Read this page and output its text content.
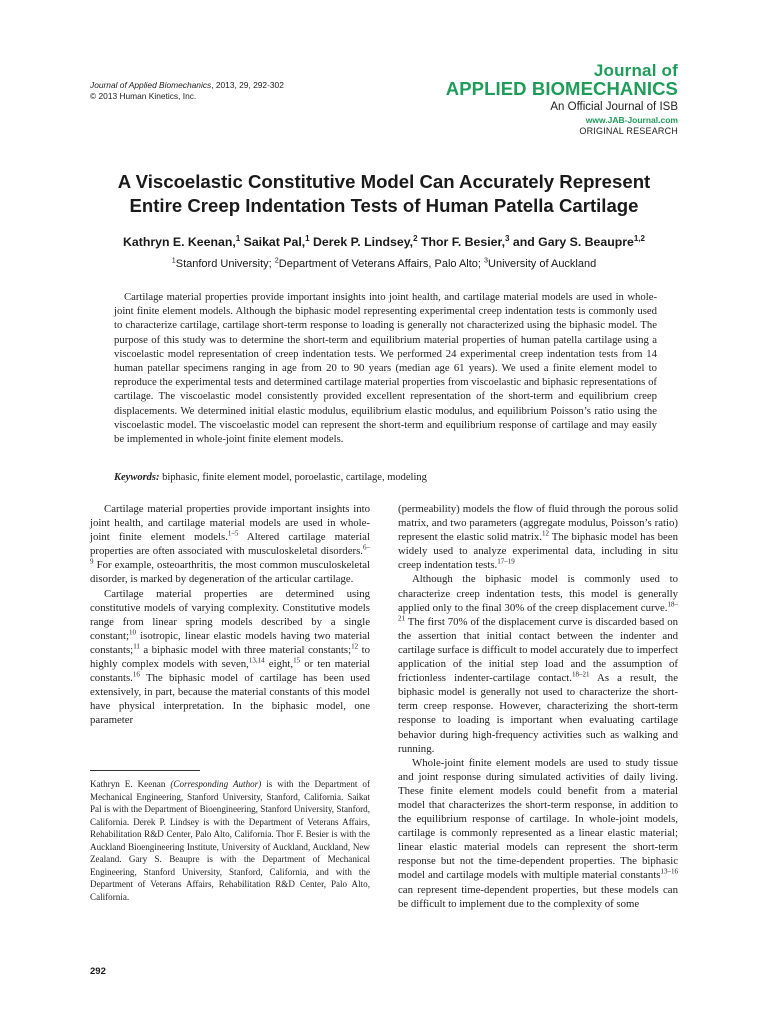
Journal of Applied Biomechanics, 2013, 29, 292-302
© 2013 Human Kinetics, Inc.
Journal of
APPLIED BIOMECHANICS
An Official Journal of ISB
www.JAB-Journal.com
ORIGINAL RESEARCH
A Viscoelastic Constitutive Model Can Accurately Represent
Entire Creep Indentation Tests of Human Patella Cartilage
Kathryn E. Keenan,$^1$ Saikat Pal,$^1$ Derek P. Lindsey,$^2$ Thor F. Besier,$^3$ and Gary S. Beaupre$^{1,2}$
$^1$Stanford University; $^2$Department of Veterans Affairs, Palo Alto; $^3$University of Auckland
Cartilage material properties provide important insights into joint health, and cartilage material models are used in whole-joint finite element models. Although the biphasic model representing experimental creep indentation tests is commonly used to characterize cartilage, cartilage short-term response to loading is generally not characterized using the biphasic model. The purpose of this study was to determine the short-term and equilibrium material properties of human patella cartilage using a viscoelastic model representation of creep indentation tests. We performed 24 experimental creep indentation tests from 14 human patellar specimens ranging in age from 20 to 90 years (median age 61 years). We used a finite element model to reproduce the experimental tests and determined cartilage material properties from viscoelastic and biphasic representations of cartilage. The viscoelastic model consistently provided excellent representation of the short-term and equilibrium creep displacements. We determined initial elastic modulus, equilibrium elastic modulus, and equilibrium Poisson’s ratio using the viscoelastic model. The viscoelastic model can represent the short-term and equilibrium response of cartilage and may easily be implemented in whole-joint finite element models.
Keywords: biphasic, finite element model, poroelastic, cartilage, modeling

Cartilage material properties provide important insights into joint health, and cartilage material models are used in whole-joint finite element models.$^{1-5}$ Altered cartilage material properties are often associated with musculoskeletal disorders.$^{6-9}$ For example, osteoarthritis, the most common musculoskeletal disorder, is marked by degeneration of the articular cartilage.

Cartilage material properties are determined using constitutive models of varying complexity. Constitutive models range from linear spring models described by a single constant;$^{10}$ isotropic, linear elastic models having two material constants;$^{11}$ a biphasic model with three material constants;$^{12}$ to highly complex models with seven,$^{13,14}$ eight,$^{15}$ or ten material constants.$^{16}$ The biphasic model of cartilage has been used extensively, in part, because the material constants of this model have physical interpretation. In the biphasic model, one parameter

(permeability) models the flow of fluid through the porous solid matrix, and two parameters (aggregate modulus, Poisson’s ratio) represent the elastic solid matrix.$^{12}$ The biphasic model has been widely used to analyze experimental data, including in situ creep indentation tests.$^{17-19}$

Although the biphasic model is commonly used to characterize creep indentation tests, this model is generally applied only to the final 30% of the creep displacement curve.$^{18-21}$ The first 70% of the displacement curve is discarded based on the assertion that initial contact between the indenter and cartilage surface is difficult to model accurately due to imperfect application of the initial step load and the assumption of frictionless indenter-cartilage contact.$^{18-21}$ As a result, the biphasic model is generally not used to characterize the short-term creep response. However, characterizing the short-term response to loading is important when evaluating cartilage behavior during high-frequency activities such as walking and running.

Whole-joint finite element models are used to study tissue and joint response during simulated activities of daily living. These finite element models could benefit from a material model that characterizes the short-term response, in addition to the equilibrium response of cartilage. In whole-joint models, cartilage is commonly represented as a linear elastic material; linear elastic material models can represent the short-term response but not the time-dependent properties. The biphasic model and cartilage models with multiple material constants$^{13-16}$ can represent time-dependent properties, but these models can be difficult to implement due to the complexity of some

Kathryn E. Keenan (Corresponding Author) is with the Department of Mechanical Engineering, Stanford University, Stanford, California. Saikat Pal is with the Department of Bioengineering, Stanford University, Stanford, California. Derek P. Lindsey is with the Department of Veterans Affairs, Rehabilitation R&D Center, Palo Alto, California. Thor F. Besier is with the Auckland Bioengineering Institute, University of Auckland, Auckland, New Zealand. Gary S. Beaupre is with the Department of Mechanical Engineering, Stanford University, Stanford, California, and with the Department of Veterans Affairs, Rehabilitation R&D Center, Palo Alto, California.
292
